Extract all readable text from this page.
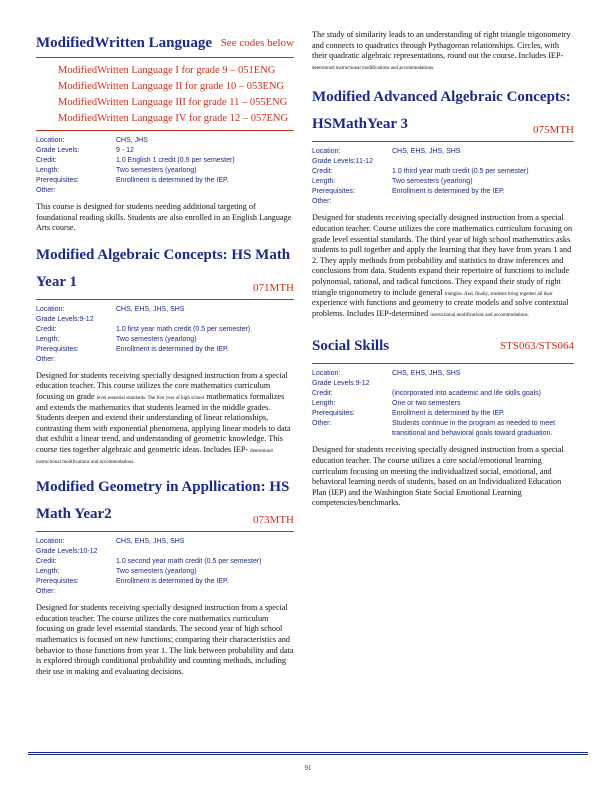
See codes below
ModifiedWritten Language
ModifiedWritten Language I for grade 9 – 051ENG
ModifiedWritten Language II for grade 10 – 053ENG
ModifiedWritten Language III for grade 11 – 055ENG
ModifiedWritten Language IV for grade 12 – 057ENG
Location:	CHS, JHS
Grade Levels:	9 - 12
Credit:	1.0 English 1 credit (0.5 per semester)
Length:	Two semesters (yearlong)
Prerequisites:	Enrollment is determined by the IEP.
Other:

This course is designed for students needing additional targeting of foundational reading skills. Students are also enrolled in an English Language Arts course.

Modified Algebraic Concepts: HS Math Year 1	071MTH
Location:	CHS, EHS, JHS, SHS
Grade Levels:9-12
Credit:	1.0 first year math credit (0.5 per semester)
Length:	Two semesters (yearlong)
Prerequisites:	Enrollment is determined by the IEP.
Other:

Designed for students receiving specially designed instruction from a special education teacher. This course utilizes the core mathematics curriculum focusing on grade level essential standards. The first year of high school mathematics formalizes and extends the mathematics that students learned in the middle grades. Students deepen and extend their understanding of linear relationships, contrasting them with exponential phenomena, applying linear models to data that exhibit a linear trend, and understanding of geometric knowledge. This course ties together algebraic and geometric ideas. Includes IEP- determined instructional modifications and accommodations.

Modified Geometry in Appllication: HS Math Year2	073MTH
Location:	CHS, EHS, JHS, SHS
Grade Levels:10-12
Credit:	1.0 second year math credit (0.5 per semester)
Length:	Two semesters (yearlong)
Prerequisites:	Enrollment is determined by the IEP.
Other:

Designed for students receiving specially designed instruction from a special education teacher. The course utilizes the core mathematics curriculum focusing on grade level essential standards. The second year of high school mathematics is focused on new functions; comparing their characteristics and behavior to those functions from year 1. The link between probability and data is explored through conditional probability and counting methods, including their use in making and evaluating decisions.

The study of similarity leads to an understanding of right triangle trigonometry and connects to quadratics through Pythagorean relationships. Circles, with their quadratic algebraic representations, round out the course. Includes IEP- determined instructional modifications and accommodations.

Modified Advanced Algebraic Concepts: HSMathYear 3	075MTH
Location:	CHS, EHS, JHS, SHS
Grade Levels:11-12
Credit:	1.0 third year math credit (0.5 per semester)
Length:	Two semesters (yearlong)
Prerequisites:	Enrollment is determined by the IEP.
Other:

Designed for students receiving specially designed instruction from a special education teacher. Course utilizes the core mathematics curriculum focusing on grade level essential standards. The third year of high school mathematics asks students to pull together and apply the learning that they have from years 1 and 2. They apply methods from probability and statistics to draw inferences and conclusions from data. Students expand their repertoire of functions to include polynomial, rational, and radical functions. They expand their study of right triangle trigonometry to include general triangles. And, finally, students bring together all their experience with functions and geometry to create models and solve contextual problems. Includes IEP-determined instructional modifications and accommodations.

Social Skills	STS063/STS064
Location:	CHS, EHS, JHS, SHS
Grade Levels:9-12
Credit:	(incorporated into academic and life skills goals)
Length:	One or two semesters
Prerequisites:	Enrollment is determined by the IEP.
Other:	Students continue in the program as needed to meet transitional and behavioral goals toward graduation.

Designed for students receiving specially designed instruction from a special education teacher. The course utilizes a core social/emotional learning curriculum focusing on meeting the individualized social, emotional, and behavioral learning needs of students, based on an Individualized Education Plan (IEP) and the Washington State Social Emotional Learning competencies/benchmarks.

91
